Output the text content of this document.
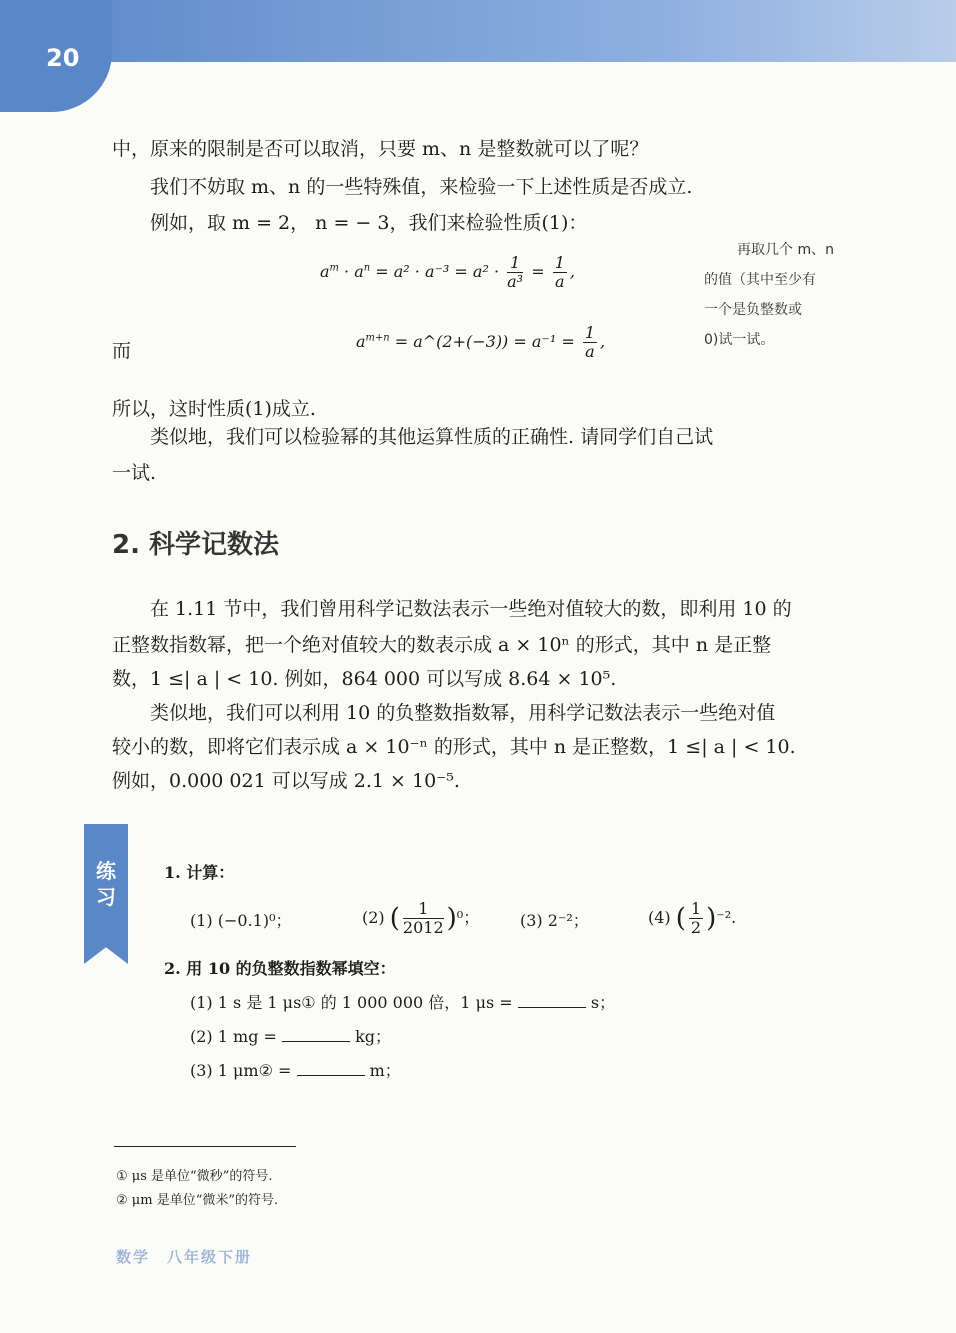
20
中，原来的限制是否可以取消，只要 m、n 是整数就可以了呢？
我们不妨取 m、n 的一些特殊值，来检验一下上述性质是否成立.
例如，取 m = 2， n = − 3，我们来检验性质(1)：
$a^m \cdot a^n = a^2 \cdot a^{-3} = a^2 \cdot \frac{1}{\text{a³}} = \frac{1}{a}$ ,
而	$a^{m+n}$ = a^(2+(−3)) = $a^{-1} = \frac{1}{a}$ ,
再取几个 m、n
的值（其中至少有
一个是负整数或
0)试一试。
所以，这时性质(1)成立.
类似地，我们可以检验幂的其他运算性质的正确性. 请同学们自己试
一试.
2. 科学记数法
在 1.11 节中，我们曾用科学记数法表示一些绝对值较大的数，即利用 10 的
正整数指数幂，把一个绝对值较大的数表示成 a × 10ⁿ 的形式，其中 n 是正整
数，1 ≤| a | < 10. 例如，864 000 可以写成 8.64 × 10⁵.
类似地，我们可以利用 10 的负整数指数幂，用科学记数法表示一些绝对值
较小的数，即将它们表示成 a × 10⁻ⁿ 的形式，其中 n 是正整数，1 ≤| a | < 10.
例如，0.000 021 可以写成 2.1 × 10⁻⁵.
练
习
1. 计算：
(1) (−0.1)⁰；	(2) ( $\frac{1}{2012} )^0$；	(3) 2⁻²；	(4) ( $\frac{1}{2} )^{-2}$.
2. 用 10 的负整数指数幂填空：
(1) 1 s 是 1 μs① 的 1 000 000 倍，1 μs =	s；
(2) 1 mg =	kg；
(3) 1 μm② =	m；
① μs 是单位“微秒”的符号.
② μm 是单位“微米”的符号.
数学　八年级下册
